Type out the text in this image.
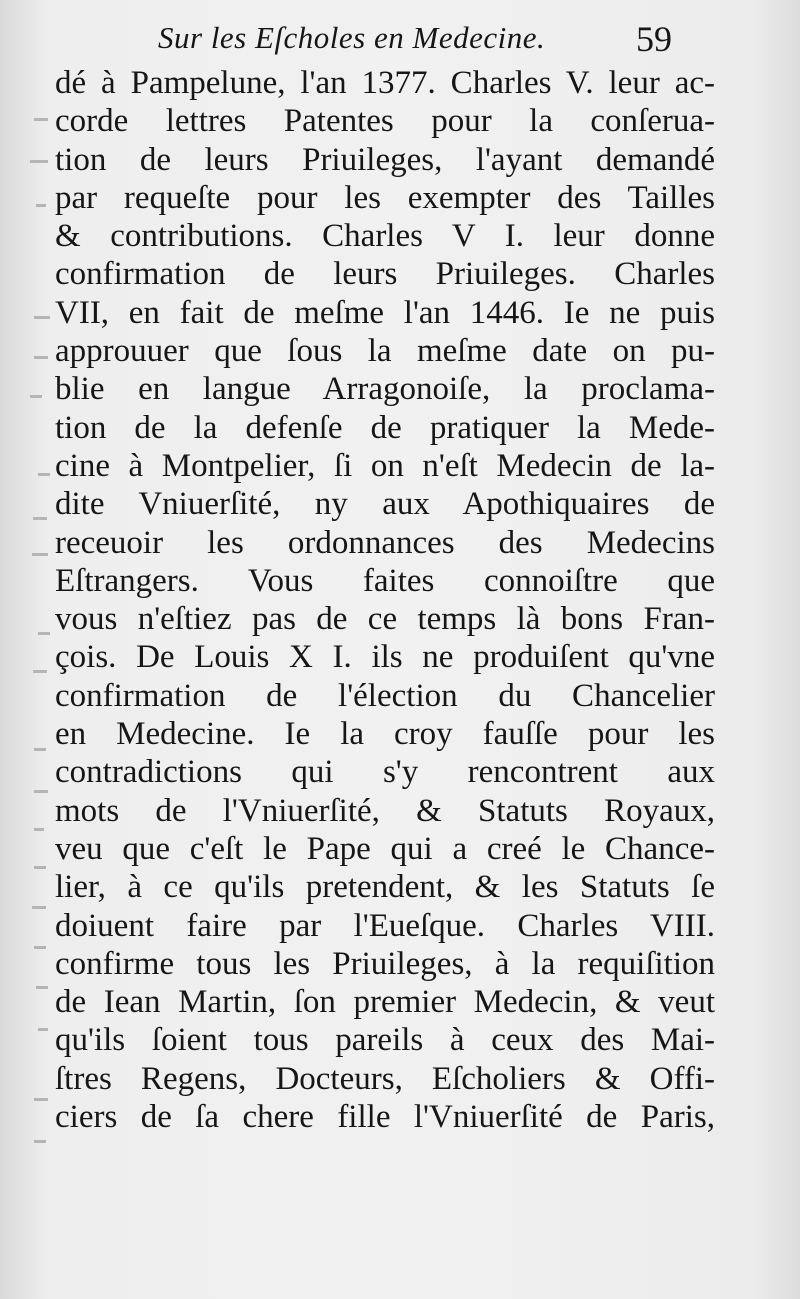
Sur les Eſcholes en Medecine.	59
dé à Pampelune, l'an 1377. Charles V. leur ac-
corde lettres Patentes pour la conſerua-
tion de leurs Priuileges, l'ayant demandé
par requeſte pour les exempter des Tailles
& contributions. Charles V I. leur donne
confirmation de leurs Priuileges. Charles
VII, en fait de meſme l'an 1446. Ie ne puis
approuuer que ſous la meſme date on pu-
blie en langue Arragonoiſe, la proclama-
tion de la defenſe de pratiquer la Mede-
cine à Montpelier, ſi on n'eſt Medecin de la-
dite Vniuerſité, ny aux Apothiquaires de
receuoir les ordonnances des Medecins
Eſtrangers. Vous faites connoiſtre que
vous n'eſtiez pas de ce temps là bons Fran-
çois. De Louis X I. ils ne produiſent qu'vne
confirmation de l'élection du Chancelier
en Medecine. Ie la croy fauſſe pour les
contradictions qui s'y rencontrent aux
mots de l'Vniuerſité, & Statuts Royaux,
veu que c'eſt le Pape qui a creé le Chance-
lier, à ce qu'ils pretendent, & les Statuts ſe
doiuent faire par l'Eueſque. Charles VIII.
confirme tous les Priuileges, à la requiſition
de Iean Martin, ſon premier Medecin, & veut
qu'ils ſoient tous pareils à ceux des Mai-
ſtres Regens, Docteurs, Eſcholiers & Offi-
ciers de ſa chere fille l'Vniuerſité de Paris,
